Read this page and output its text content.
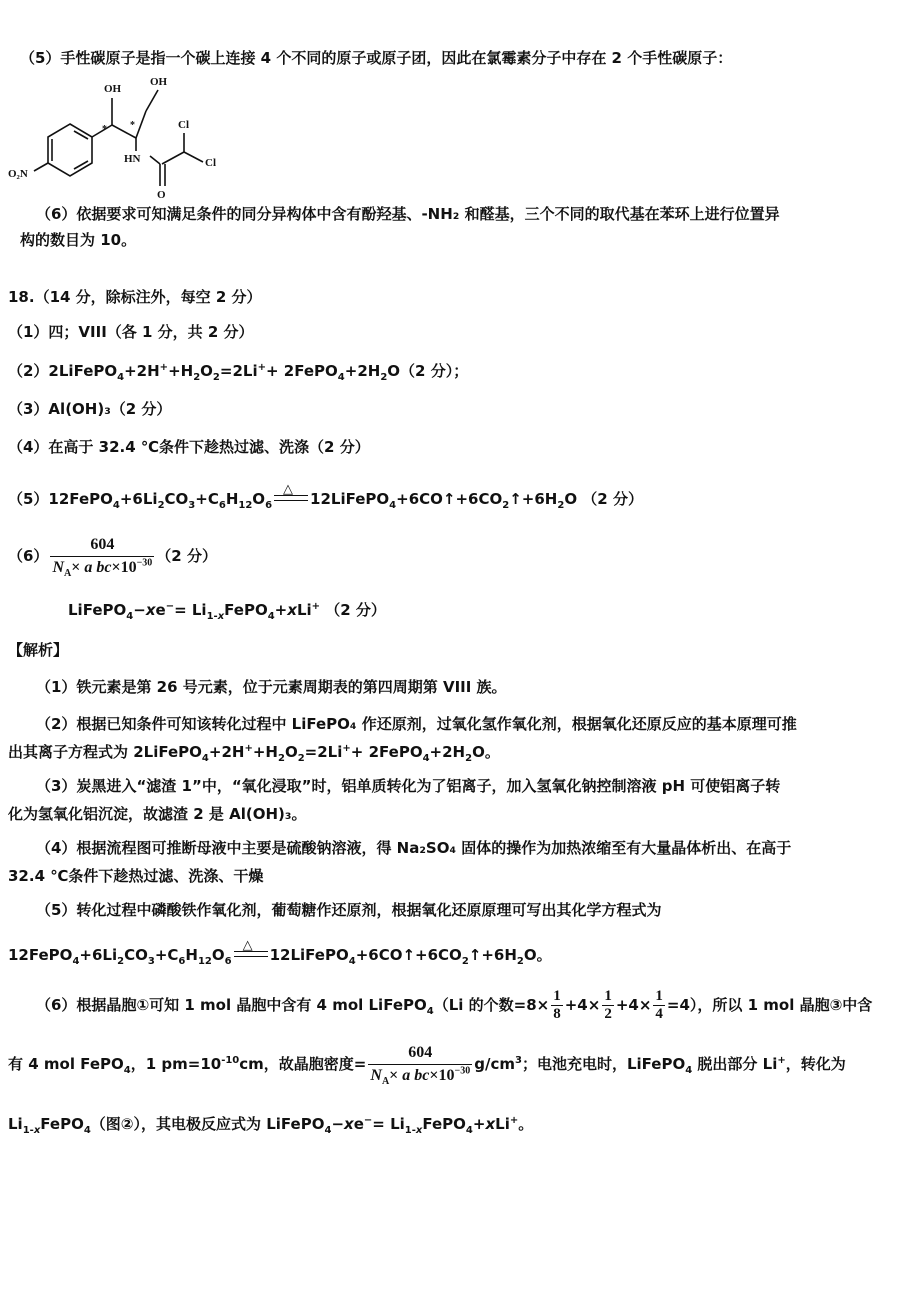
（5）手性碳原子是指一个碳上连接 4 个不同的原子或原子团，因此在氯霉素分子中存在 2 个手性碳原子：
OH
OH
HN
Cl
Cl
O
O₂N
* *
（6）依据要求可知满足条件的同分异构体中含有酚羟基、-NH₂ 和醛基，三个不同的取代基在苯环上进行位置异
构的数目为 10。
18.（14 分，除标注外，每空 2 分）
（1）四；VIII（各 1 分，共 2 分）
$(2)2LiFePO_4+2H^++H_2O_2=2Li^++$ $2FePO_4+2H_2O(2$ 分）；
（3）Al(OH)₃（2 分）
（4）在高于 32.4 ℃条件下趁热过滤、洗涤（2 分）
$(5)12FePO_4+6Li_2CO_3+C_6H_{12}O_6$
△
$12LiFePO_4+6CO↑+6CO_2↑+6H_2O$ （2 分）
$(6) \frac{604}{N_A\times a bc\times 10^{-30}} (2$ 分）
LiFePO$_4$−xe−= $Li_{1-x}FePO_4+xLi^+$ （2 分）
【解析】
（1）铁元素是第 26 号元素，位于元素周期表的第四周期第 VIII 族。
（2）根据已知条件可知该转化过程中 LiFePO₄ 作还原剂，过氧化氢作氧化剂，根据氧化还原反应的基本原理可推
出其离子方程式为 $2LiFePO_4+2H^++H_2O_2=2Li^++$ $2FePO_4+2H_2O$。
（3）炭黑进入“滤渣 1”中，“氧化浸取”时，铝单质转化为了铝离子，加入氢氧化钠控制溶液 pH 可使铝离子转
化为氢氧化铝沉淀，故滤渣 2 是 Al(OH)₃。
（4）根据流程图可推断母液中主要是硫酸钠溶液，得 Na₂SO₄ 固体的操作为加热浓缩至有大量晶体析出、在高于
32.4 ℃条件下趁热过滤、洗涤、干燥
（5）转化过程中磷酸铁作氧化剂，葡萄糖作还原剂，根据氧化还原原理可写出其化学方程式为
$12FePO_4+6Li_2CO_3+C_6H_{12}O_6$
△
$12LiFePO_4+6CO↑+6CO_2↑+6H_2O$。
（6）根据晶胞①可知 1 mol 晶胞中含有 4 mol LiFePO$_4$（Li 的个数$=8\times \frac{1}{8} +4\times \frac{1}{2} +4\times \frac{1}{4} =4$），所以 1 mol 晶胞③中含
有 4 mol FePO$_4$，1 $pm=10^{-10}cm$，故晶胞密度= $\frac{604}{N_A\times a bc\times 10^{-30}} g/cm^3$；电池充电时，LiFePO$_4$ 脱出部分 Li+，转化为
$Li_{1-x}FePO_4$（图②），其电极反应式为 LiFePO$_4$−xe−= $Li_{1-x}FePO_4+xLi^+$。
